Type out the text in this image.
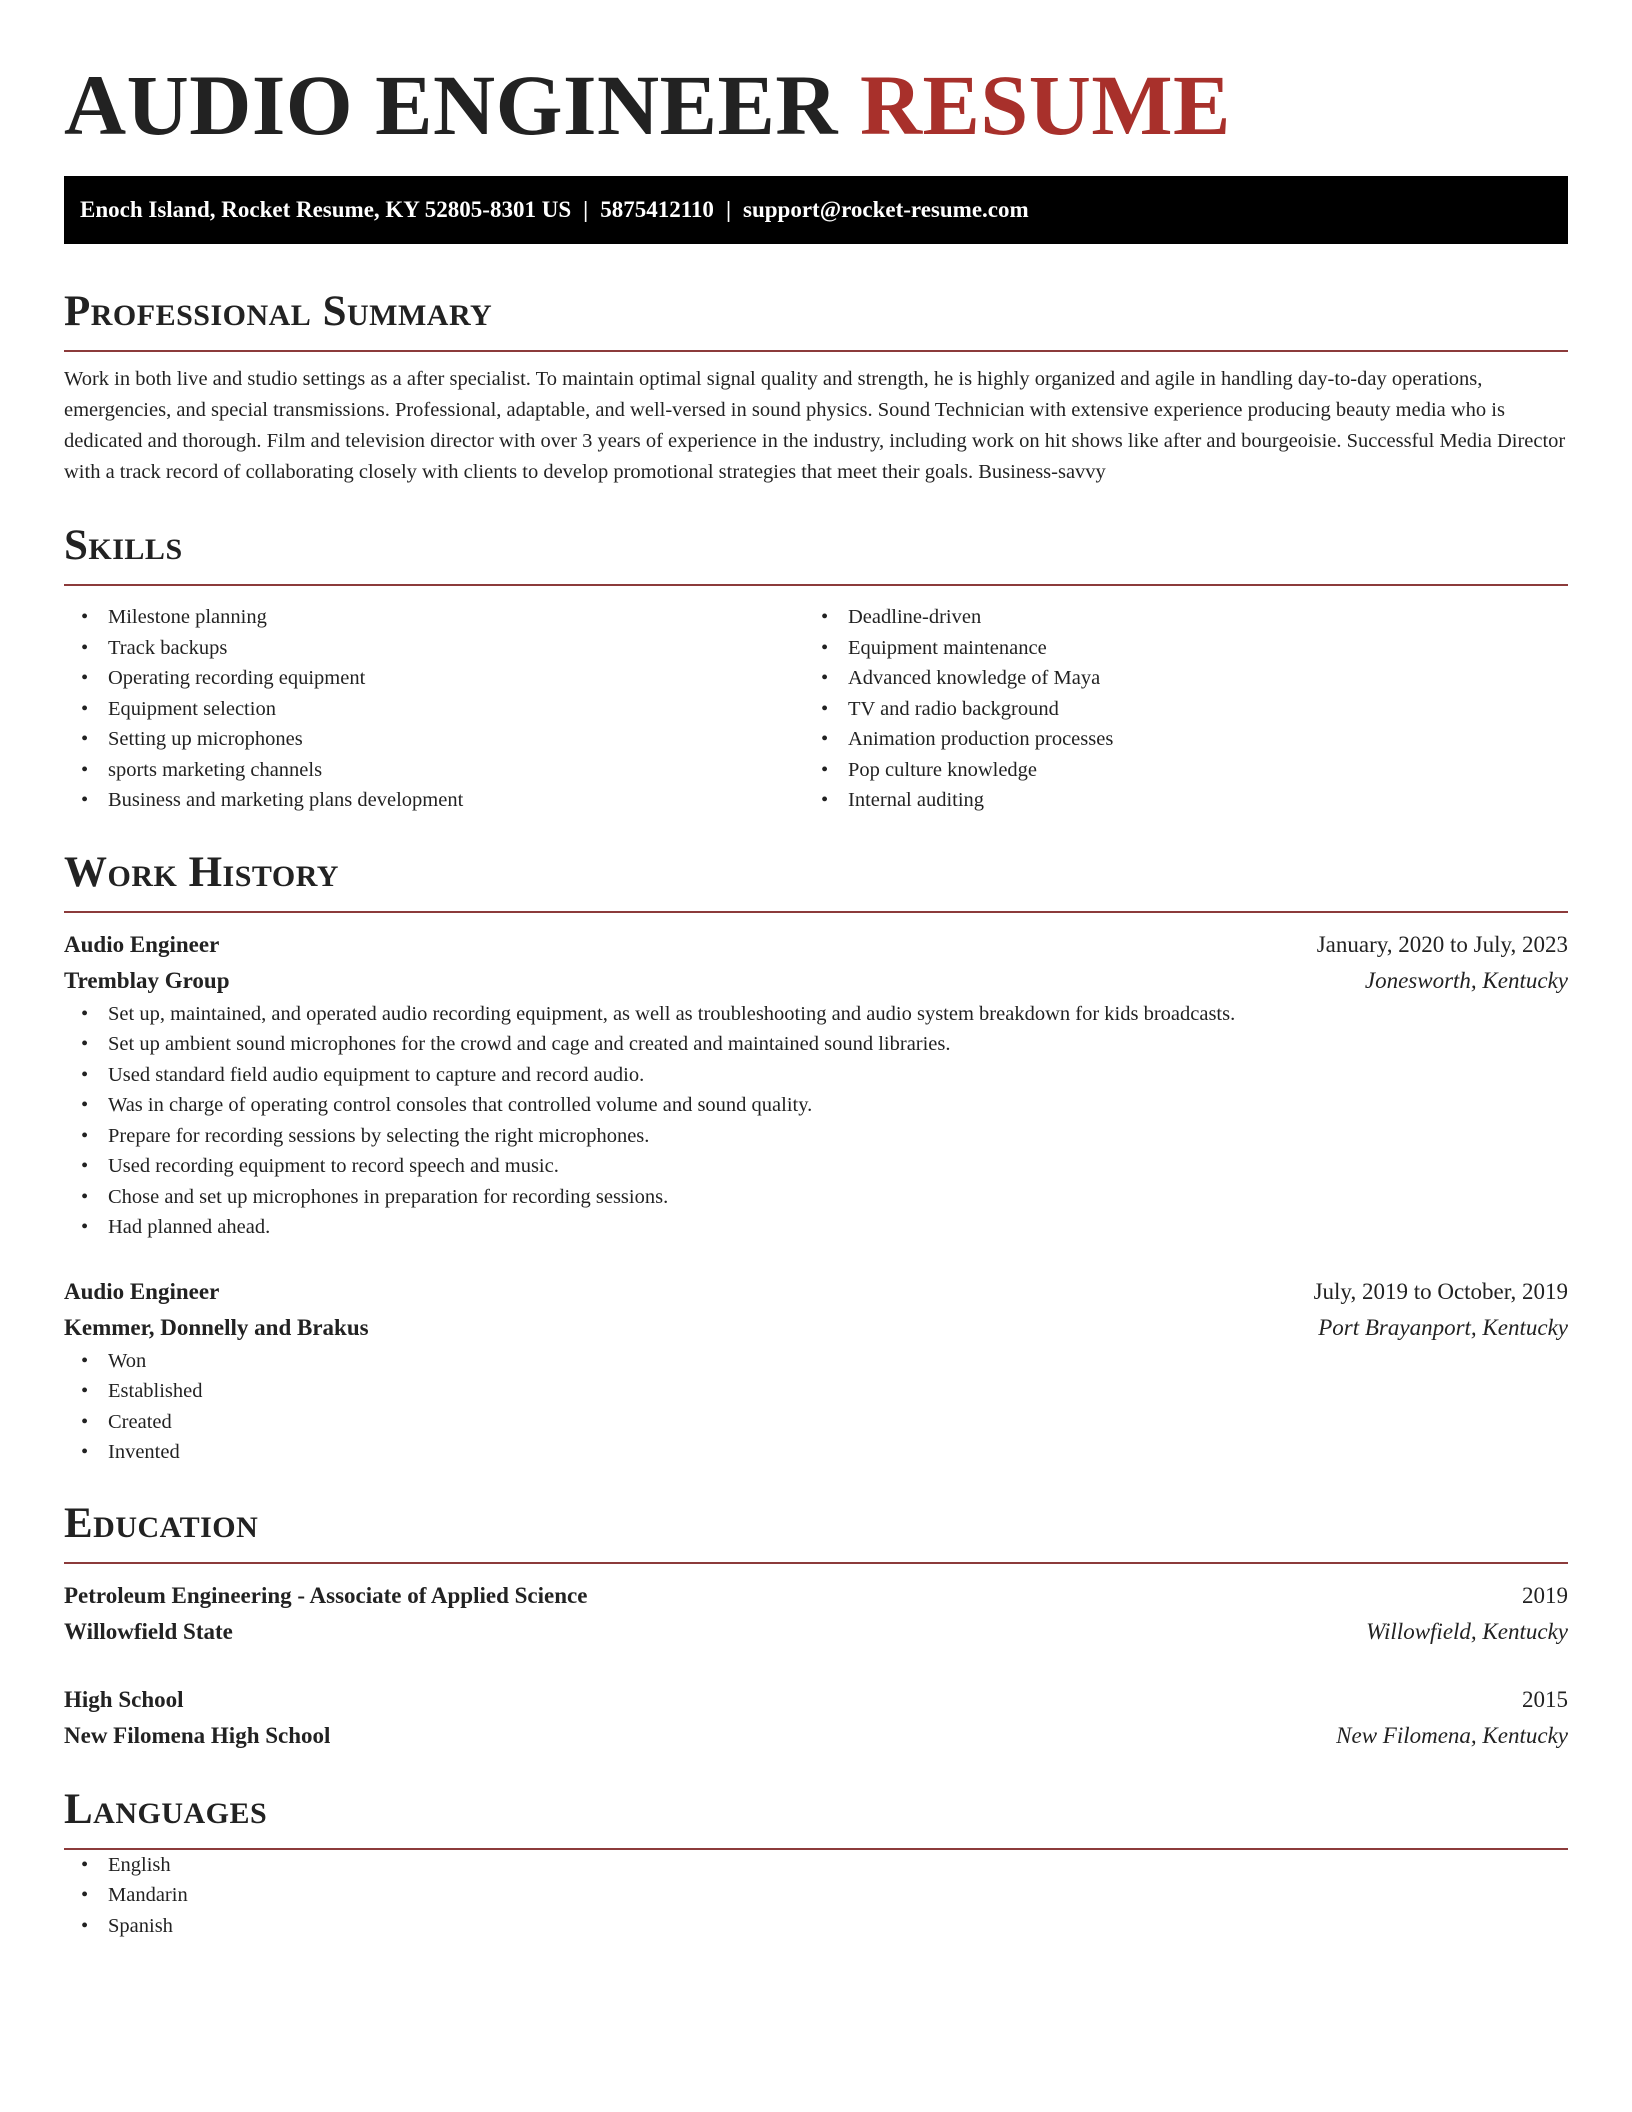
AUDIO ENGINEER RESUME
Enoch Island, Rocket Resume, KY 52805-8301 US | 5875412110 | support@rocket-resume.com
Professional Summary

Work in both live and studio settings as a after specialist. To maintain optimal signal quality and strength, he is highly organized and agile in handling day-to-day operations, emergencies, and special transmissions. Professional, adaptable, and well-versed in sound physics. Sound Technician with extensive experience producing beauty media who is dedicated and thorough. Film and television director with over 3 years of experience in the industry, including work on hit shows like after and bourgeoisie. Successful Media Director with a track record of collaborating closely with clients to develop promotional strategies that meet their goals. Business-savvy

Skills
• Milestone planning
• Track backups
• Operating recording equipment
• Equipment selection
• Setting up microphones
• sports marketing channels
• Business and marketing plans development
• Deadline-driven
• Equipment maintenance
• Advanced knowledge of Maya
• TV and radio background
• Animation production processes
• Pop culture knowledge
• Internal auditing
Work History
Audio Engineer	January, 2020 to July, 2023
Tremblay Group	Jonesworth, Kentucky
• Set up, maintained, and operated audio recording equipment, as well as troubleshooting and audio system breakdown for kids broadcasts.
• Set up ambient sound microphones for the crowd and cage and created and maintained sound libraries.
• Used standard field audio equipment to capture and record audio.
• Was in charge of operating control consoles that controlled volume and sound quality.
• Prepare for recording sessions by selecting the right microphones.
• Used recording equipment to record speech and music.
• Chose and set up microphones in preparation for recording sessions.
• Had planned ahead.
Audio Engineer	July, 2019 to October, 2019
Kemmer, Donnelly and Brakus	Port Brayanport, Kentucky
• Won
• Established
• Created
• Invented
Education
Petroleum Engineering - Associate of Applied Science	2019
Willowfield State	Willowfield, Kentucky
High School	2015
New Filomena High School	New Filomena, Kentucky
Languages
• English
• Mandarin
• Spanish
